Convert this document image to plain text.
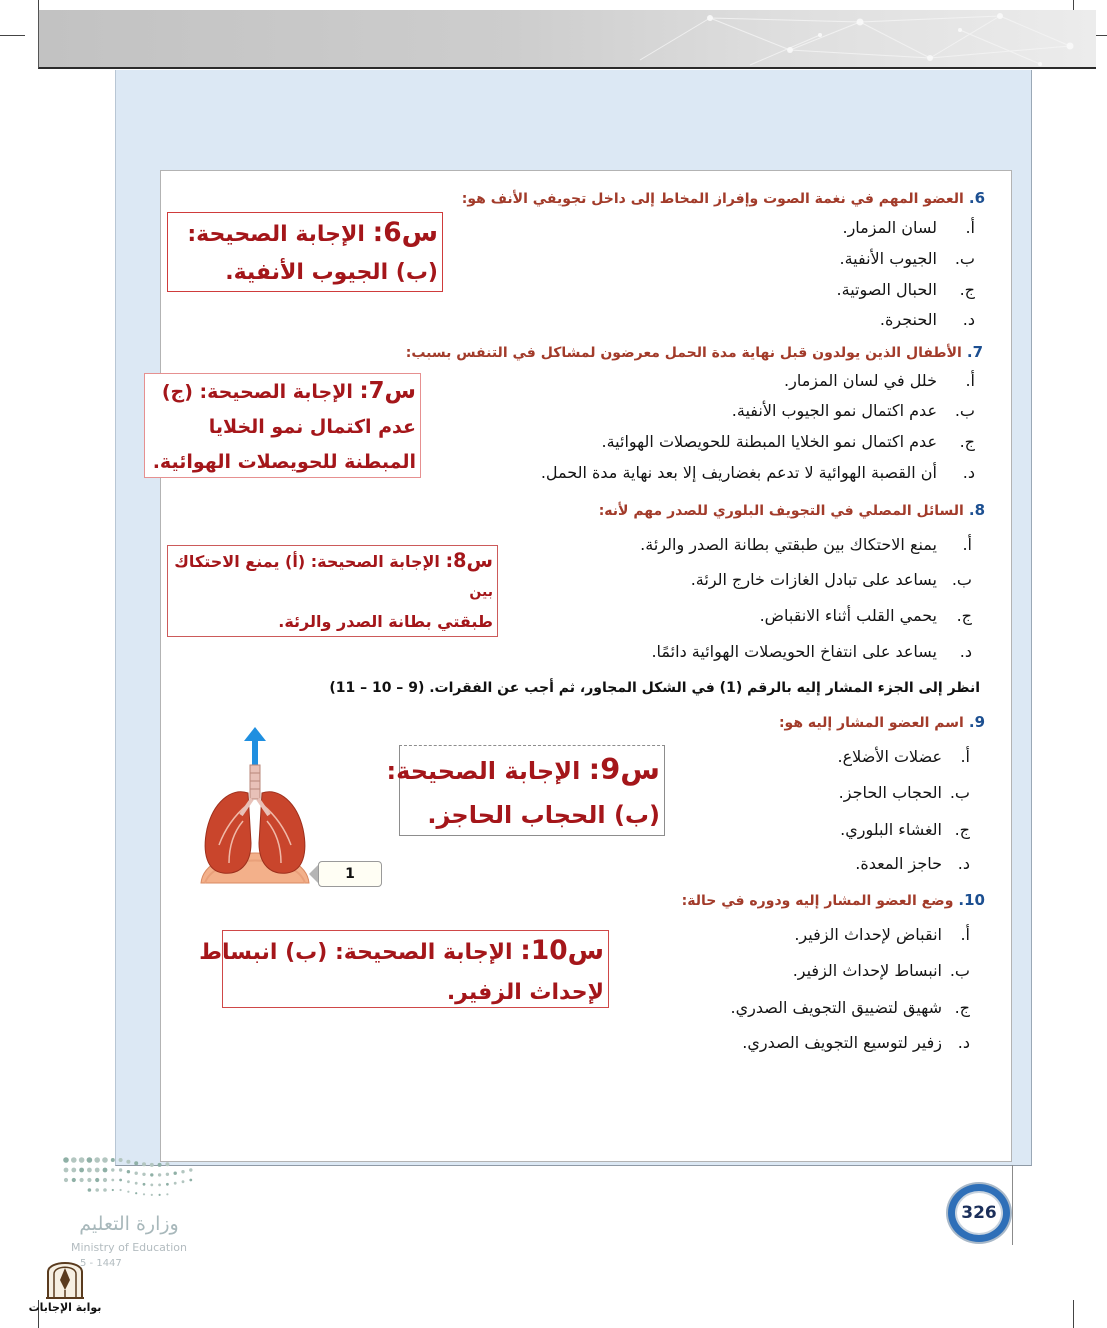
6.العضو المهم في نغمة الصوت وإفراز المخاط إلى داخل تجويفي الأنف هو:
أ.لسان المزمار.
ب.الجيوب الأنفية.
ج.الحبال الصوتية.
د.الحنجرة.
7.الأطفال الذين يولدون قبل نهاية مدة الحمل معرضون لمشاكل في التنفس بسبب:
أ.خلل في لسان المزمار.
ب.عدم اكتمال نمو الجيوب الأنفية.
ج.عدم اكتمال نمو الخلايا المبطنة للحويصلات الهوائية.
د.أن القصبة الهوائية لا تدعم بغضاريف إلا بعد نهاية مدة الحمل.
8.السائل المصلي في التجويف البلوري للصدر مهم لأنه:
أ.يمنع الاحتكاك بين طبقتي بطانة الصدر والرئة.
ب.يساعد على تبادل الغازات خارج الرئة.
ج.يحمي القلب أثناء الانقباض.
د.يساعد على انتفاخ الحويصلات الهوائية دائمًا.
انظر إلى الجزء المشار إليه بالرقم (1) في الشكل المجاور، ثم أجب عن الفقرات. (9 – 10 – 11)
9.اسم العضو المشار إليه هو:
أ.عضلات الأضلاع.
ب.الحجاب الحاجز.
ج.الغشاء البلوري.
د.حاجز المعدة.
10.وضع العضو المشار إليه ودوره في حالة:
أ.انقباض لإحداث الزفير.
ب.انبساط لإحداث الزفير.
ج.شهيق لتضييق التجويف الصدري.
د.زفير لتوسيع التجويف الصدري.
س6: الإجابة الصحيحة:
(ب) الجيوب الأنفية.
س7: الإجابة الصحيحة: (ج)
عدم اكتمال نمو الخلايا
المبطنة للحويصلات الهوائية.
س8: الإجابة الصحيحة: (أ) يمنع الاحتكاك
بين
طبقتي بطانة الصدر والرئة.
س9: الإجابة الصحيحة:
(ب) الحجاب الحاجز.
س10: الإجابة الصحيحة: (ب) انبساط
لإحداث الزفير.
1
326
وزارة التعليم
Ministry of Education
5 - 1447
بوابة الإجابات
